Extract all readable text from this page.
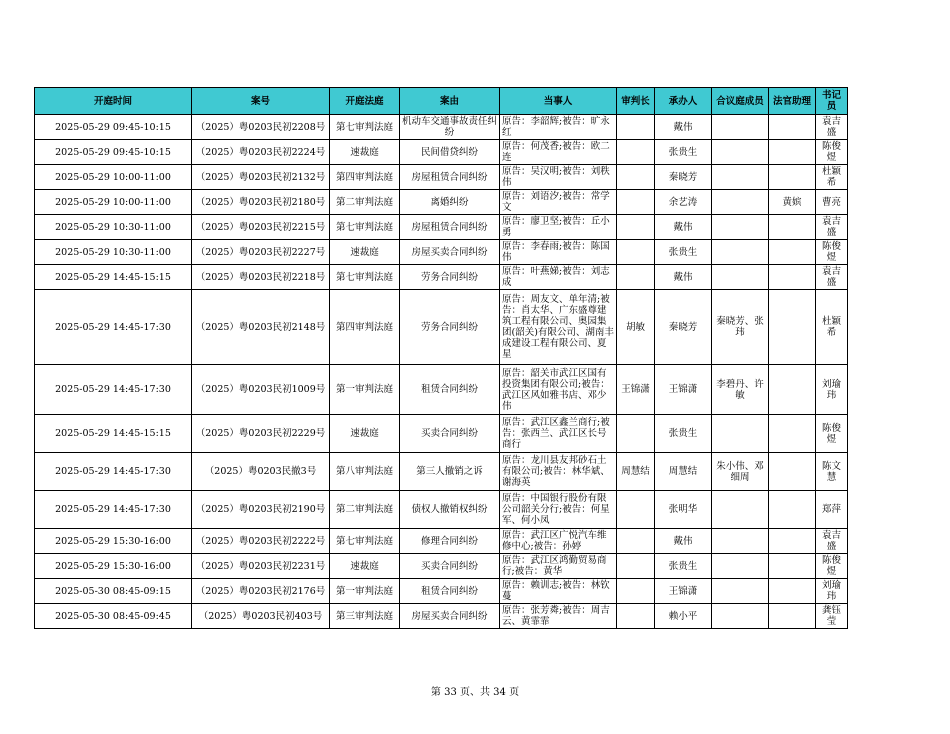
开庭时间	案号	开庭法庭	案由	当事人	审判长	承办人	合议庭成员	法官助理	书记员
2025-05-29 09:45-10:15	（2025）粤0203民初2208号	第七审判法庭	机动车交通事故责任纠纷	原告：李韶辉;被告：旷永红		戴伟			袁吉盛
2025-05-29 09:45-10:15	（2025）粤0203民初2224号	速裁庭	民间借贷纠纷	原告：何茂香;被告：欧二连		张贵生			陈俊煜
2025-05-29 10:00-11:00	（2025）粤0203民初2132号	第四审判法庭	房屋租赁合同纠纷	原告：吴汉明;被告：刘秩伟		秦晓芳			杜颖希
2025-05-29 10:00-11:00	（2025）粤0203民初2180号	第二审判法庭	离婚纠纷	原告：刘语汐;被告：常学文		余艺涛		黄嫔	曹亮
2025-05-29 10:30-11:00	（2025）粤0203民初2215号	第七审判法庭	房屋租赁合同纠纷	原告：廖卫坚;被告：丘小勇		戴伟			袁吉盛
2025-05-29 10:30-11:00	（2025）粤0203民初2227号	速裁庭	房屋买卖合同纠纷	原告：李春雨;被告：陈国伟		张贵生			陈俊煜
2025-05-29 14:45-15:15	（2025）粤0203民初2218号	第七审判法庭	劳务合同纠纷	原告：叶燕娣;被告：刘志成		戴伟			袁吉盛
2025-05-29 14:45-17:30	（2025）粤0203民初2148号	第四审判法庭	劳务合同纠纷	原告：周友文、单年清;被告：肖太华、广东盛尊建筑工程有限公司、奥园集团(韶关)有限公司、湖南丰成建设工程有限公司、夏星	胡敏	秦晓芳	秦晓芳、张玮		杜颖希
2025-05-29 14:45-17:30	（2025）粤0203民初1009号	第一审判法庭	租赁合同纠纷	原告：韶关市武江区国有投资集团有限公司;被告：武江区风如雅书店、邓少伟	王锦潇	王锦潇	李碧丹、许敏		刘瑜玮
2025-05-29 14:45-15:15	（2025）粤0203民初2229号	速裁庭	买卖合同纠纷	原告：武江区鑫兰商行;被告：张西兰、武江区长号商行		张贵生			陈俊煜
2025-05-29 14:45-17:30	（2025）粤0203民撤3号	第八审判法庭	第三人撤销之诉	原告：龙川县友邦砂石土有限公司;被告：林华斌、谢海英	周慧结	周慧结	朱小伟、邓细周		陈文慧
2025-05-29 14:45-17:30	（2025）粤0203民初2190号	第二审判法庭	债权人撤销权纠纷	原告：中国银行股份有限公司韶关分行;被告：何星军、何小凤		张明华			郑萍
2025-05-29 15:30-16:00	（2025）粤0203民初2222号	第七审判法庭	修理合同纠纷	原告：武江区广悦汽车维修中心;被告：孙婷		戴伟			袁吉盛
2025-05-29 15:30-16:00	（2025）粤0203民初2231号	速裁庭	买卖合同纠纷	原告：武江区鸿勤贸易商行;被告：黄华		张贵生			陈俊煜
2025-05-30 08:45-09:15	（2025）粤0203民初2176号	第一审判法庭	租赁合同纠纷	原告：赖训志;被告：林钦蔓		王锦潇			刘瑜玮
2025-05-30 08:45-09:45	（2025）粤0203民初403号	第三审判法庭	房屋买卖合同纠纷	原告：张芳粦;被告：周吉云、黄霏霏		赖小平			龚钰莹
第 33 页、共 34 页
